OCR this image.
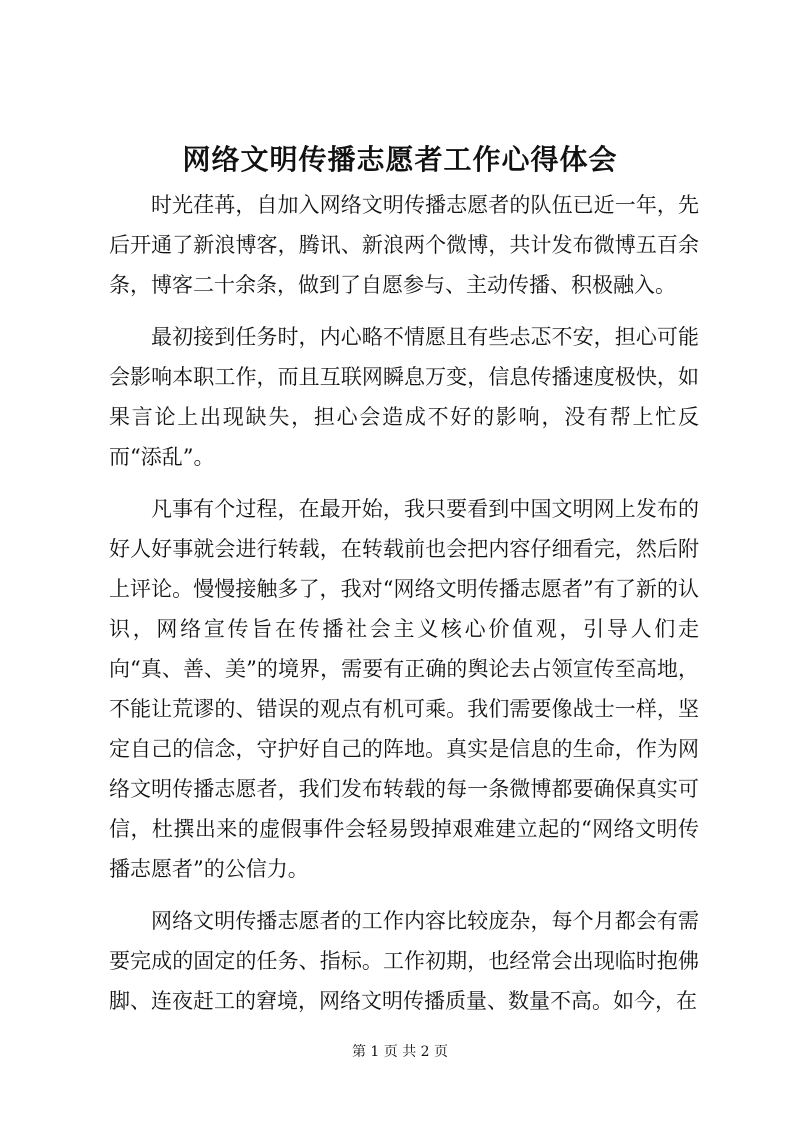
网络文明传播志愿者工作心得体会

时光荏苒，自加入网络文明传播志愿者的队伍已近一年，先后开通了新浪博客，腾讯、新浪两个微博，共计发布微博五百余条，博客二十余条，做到了自愿参与、主动传播、积极融入。

最初接到任务时，内心略不情愿且有些忐忑不安，担心可能会影响本职工作，而且互联网瞬息万变，信息传播速度极快，如果言论上出现缺失，担心会造成不好的影响，没有帮上忙反而“添乱”。

凡事有个过程，在最开始，我只要看到中国文明网上发布的好人好事就会进行转载，在转载前也会把内容仔细看完，然后附上评论。慢慢接触多了，我对“网络文明传播志愿者”有了新的认识，网络宣传旨在传播社会主义核心价值观，引导人们走向“真、善、美”的境界，需要有正确的舆论去占领宣传至高地，不能让荒谬的、错误的观点有机可乘。我们需要像战士一样，坚定自己的信念，守护好自己的阵地。真实是信息的生命，作为网络文明传播志愿者，我们发布转载的每一条微博都要确保真实可信，杜撰出来的虚假事件会轻易毁掉艰难建立起的“网络文明传播志愿者”的公信力。

网络文明传播志愿者的工作内容比较庞杂，每个月都会有需要完成的固定的任务、指标。工作初期，也经常会出现临时抱佛脚、连夜赶工的窘境，网络文明传播质量、数量不高。如今，在

第 1 页 共 2 页
